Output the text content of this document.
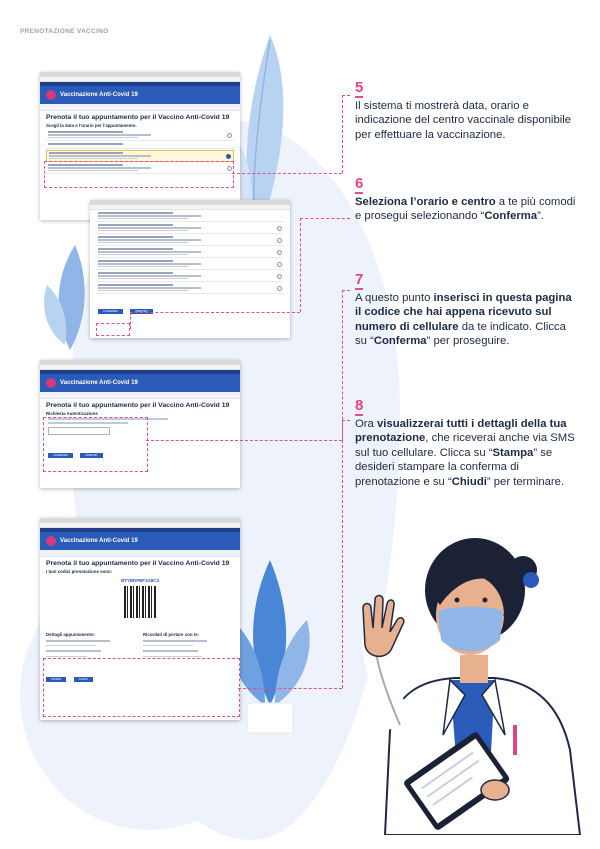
PRENOTAZIONE VACCINO
Vaccinazione Anti-Covid 19
Prenota il tuo appuntamento per il Vaccino Anti-Covid 19
Scegli la data e l'orario per l'appuntamento.
CONFERMA	INDIETRO
Vaccinazione Anti-Covid 19
Prenota il tuo appuntamento per il Vaccino Anti-Covid 19
Richiesta Autenticazione
CONFERMA	INDIETRO
Vaccinazione Anti-Covid 19
Prenota il tuo appuntamento per il Vaccino Anti-Covid 19
I tuoi codici prenotazione sono:
BTYBDPBF1G8C3
Dettagli appuntamento:	Ricordati di portare con te:
STAMPA	CHIUDI
5
Il sistema ti mostrerà data, orario e indicazione del centro vaccinale disponibile per effettuare la vaccinazione.
6
Seleziona l’orario e centro a te più comodi e prosegui selezionando “Conferma”.
7
A questo punto inserisci in questa pagina il codice che hai appena ricevuto sul numero di cellulare da te indicato. Clicca su “Conferma” per proseguire.
8
Ora visualizzerai tutti i dettagli della tua prenotazione, che riceverai anche via SMS sul tuo cellulare. Clicca su “Stampa” se desideri stampare la conferma di prenotazione e su “Chiudi” per terminare.
